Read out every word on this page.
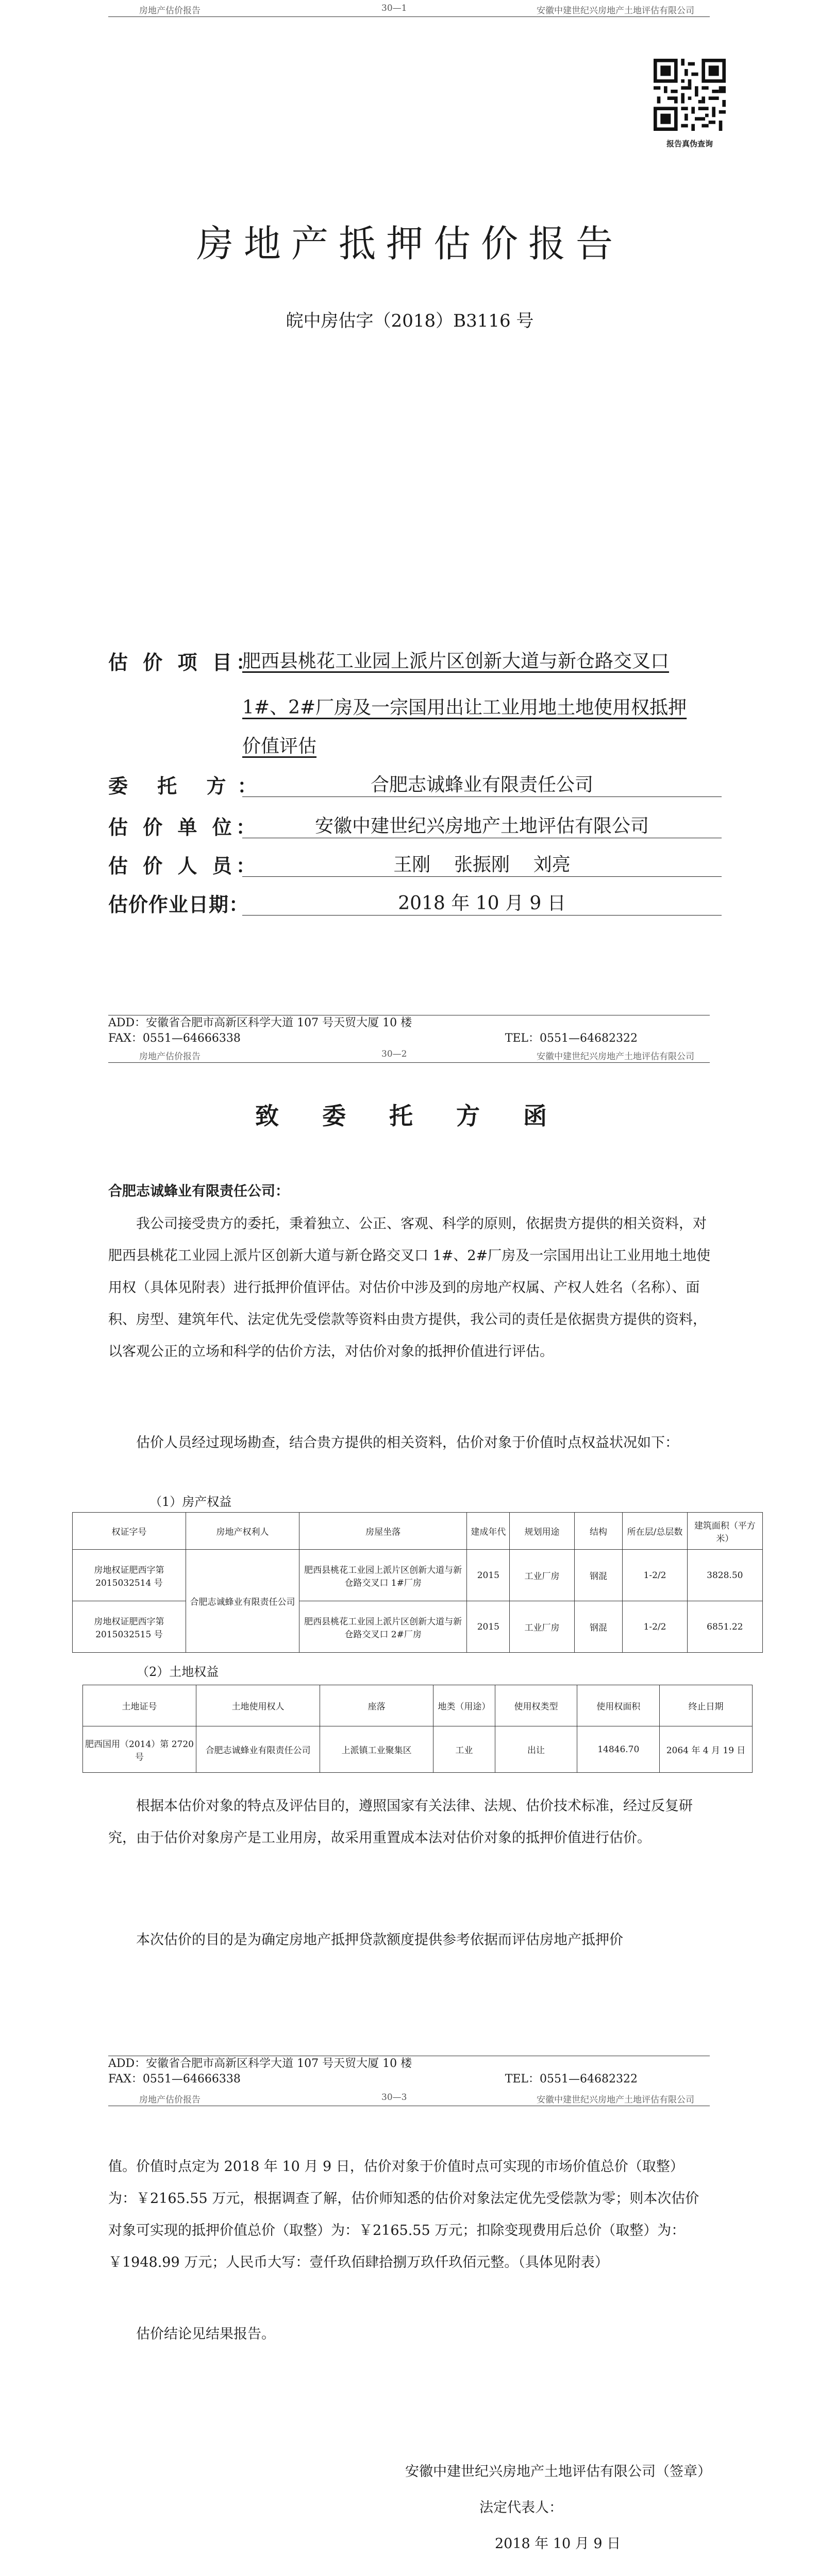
房地产估价报告	30—1	安徽中建世纪兴房地产土地评估有限公司
报告真伪查询
房地产抵押估价报告
皖中房估字（2018）B3116 号
估 价 项 目：
肥西县桃花工业园上派片区创新大道与新仓路交叉口
1#、2#厂房及一宗国用出让工业用地土地使用权抵押
价值评估
委 托 方：	合肥志诚蜂业有限责任公司
估 价 单 位：	安徽中建世纪兴房地产土地评估有限公司
估 价 人 员：	王刚    张振刚    刘亮
估价作业日期：	2018 年 10 月 9 日
ADD：安徽省合肥市高新区科学大道 107 号天贸大厦 10 楼
FAX：0551—64666338	TEL：0551—64682322
房地产估价报告	30—2	安徽中建世纪兴房地产土地评估有限公司
致 委 托 方 函
合肥志诚蜂业有限责任公司：
我公司接受贵方的委托，秉着独立、公正、客观、科学的原则，依据贵方提供的相关资料，对肥西县桃花工业园上派片区创新大道与新仓路交叉口 1#、2#厂房及一宗国用出让工业用地土地使用权（具体见附表）进行抵押价值评估。对估价中涉及到的房地产权属、产权人姓名（名称）、面积、房型、建筑年代、法定优先受偿款等资料由贵方提供，我公司的责任是依据贵方提供的资料，以客观公正的立场和科学的估价方法，对估价对象的抵押价值进行评估。
估价人员经过现场勘查，结合贵方提供的相关资料，估价对象于价值时点权益状况如下：
（1）房产权益
权证字号	房地产权利人	房屋坐落	建成年代	规划用途	结构	所在层/总层数	建筑面积（平方米）
房地权证肥西字第 2015032514 号	合肥志诚蜂业有限责任公司	肥西县桃花工业园上派片区创新大道与新仓路交叉口 1#厂房	2015	工业厂房	钢混	1-2/2	3828.50
房地权证肥西字第 2015032515 号		肥西县桃花工业园上派片区创新大道与新仓路交叉口 2#厂房	2015	工业厂房	钢混	1-2/2	6851.22
（2）土地权益
土地证号	土地使用权人	座落	地类（用途）	使用权类型	使用权面积	终止日期
肥西国用（2014）第 2720 号	合肥志诚蜂业有限责任公司	上派镇工业聚集区	工业	出让	14846.70	2064 年 4 月 19 日
根据本估价对象的特点及评估目的，遵照国家有关法律、法规、估价技术标准，经过反复研究，由于估价对象房产是工业用房，故采用重置成本法对估价对象的抵押价值进行估价。
本次估价的目的是为确定房地产抵押贷款额度提供参考依据而评估房地产抵押价
ADD：安徽省合肥市高新区科学大道 107 号天贸大厦 10 楼
FAX：0551—64666338	TEL：0551—64682322
房地产估价报告	30—3	安徽中建世纪兴房地产土地评估有限公司
值。价值时点定为 2018 年 10 月 9 日，估价对象于价值时点可实现的市场价值总价（取整）为：￥2165.55 万元，根据调查了解，估价师知悉的估价对象法定优先受偿款为零；则本次估价对象可实现的抵押价值总价（取整）为：￥2165.55 万元；扣除变现费用后总价（取整）为：￥1948.99 万元；人民币大写：壹仟玖佰肆拾捌万玖仟玖佰元整。（具体见附表）
估价结论见结果报告。
安徽中建世纪兴房地产土地评估有限公司（签章）
法定代表人：
2018 年 10 月 9 日
